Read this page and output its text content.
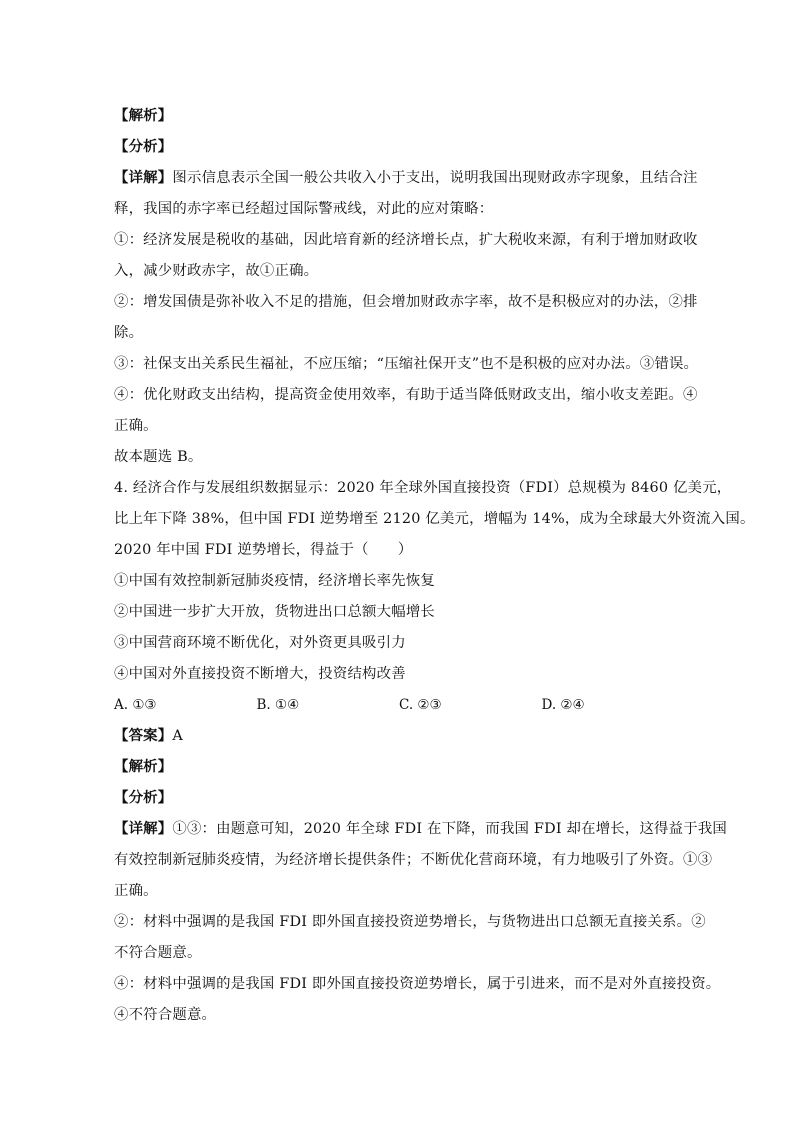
【解析】
【分析】
【详解】图示信息表示全国一般公共收入小于支出，说明我国出现财政赤字现象，且结合注
释，我国的赤字率已经超过国际警戒线，对此的应对策略：
①：经济发展是税收的基础，因此培育新的经济增长点，扩大税收来源，有利于增加财政收
入，减少财政赤字，故①正确。
②：增发国债是弥补收入不足的措施，但会增加财政赤字率，故不是积极应对的办法，②排
除。
③：社保支出关系民生福祉，不应压缩；“压缩社保开支”也不是积极的应对办法。③错误。
④：优化财政支出结构，提高资金使用效率，有助于适当降低财政支出，缩小收支差距。④
正确。
故本题选 B。
4. 经济合作与发展组织数据显示：2020 年全球外国直接投资（FDI）总规模为 8460 亿美元，
比上年下降 38%，但中国 FDI 逆势增至 2120 亿美元，增幅为 14%，成为全球最大外资流入国。
2020 年中国 FDI 逆势增长，得益于（　　）
①中国有效控制新冠肺炎疫情，经济增长率先恢复
②中国进一步扩大开放，货物进出口总额大幅增长
③中国营商环境不断优化，对外资更具吸引力
④中国对外直接投资不断增大，投资结构改善
A. ①③	B. ①④	C. ②③	D. ②④
【答案】A
【解析】
【分析】
【详解】①③：由题意可知，2020 年全球 FDI 在下降，而我国 FDI 却在增长，这得益于我国
有效控制新冠肺炎疫情，为经济增长提供条件；不断优化营商环境，有力地吸引了外资。①③
正确。
②：材料中强调的是我国 FDI 即外国直接投资逆势增长，与货物进出口总额无直接关系。②
不符合题意。
④：材料中强调的是我国 FDI 即外国直接投资逆势增长，属于引进来，而不是对外直接投资。
④不符合题意。
